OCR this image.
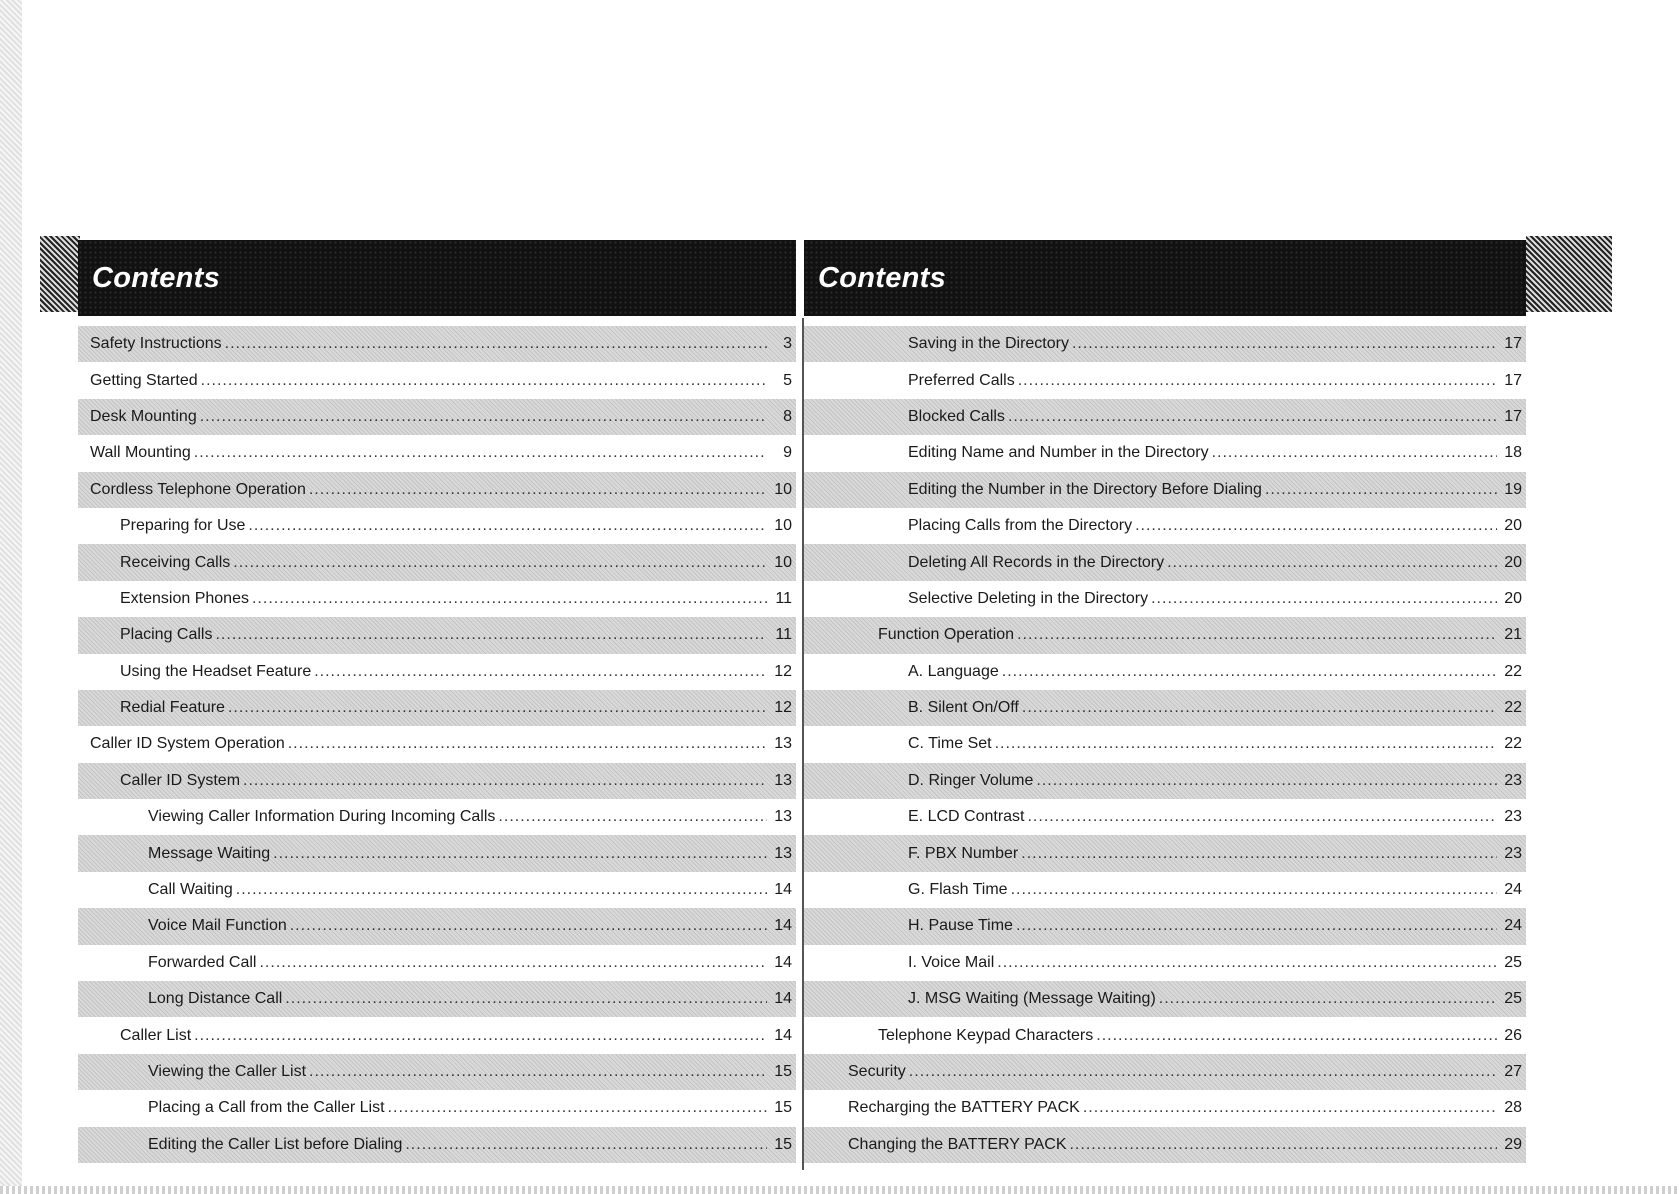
Contents
Safety Instructions .....	3
Getting Started .....	5
Desk Mounting .....	8
Wall Mounting .....	9
Cordless Telephone Operation .....	10
Preparing for Use .....	10
Receiving Calls .....	10
Extension Phones .....	11
Placing Calls .....	11
Using the Headset Feature .....	12
Redial Feature .....	12
Caller ID System Operation .....	13
Caller ID System .....	13
Viewing Caller Information During Incoming Calls .....	13
Message Waiting .....	13
Call Waiting .....	14
Voice Mail Function .....	14
Forwarded Call .....	14
Long Distance Call .....	14
Caller List .....	14
Viewing the Caller List .....	15
Placing a Call from the Caller List .....	15
Editing the Caller List before Dialing .....	15
Contents
Saving in the Directory .....	17
Preferred Calls .....	17
Blocked Calls .....	17
Editing Name and Number in the Directory .....	18
Editing the Number in the Directory Before Dialing .....	19
Placing Calls from the Directory .....	20
Deleting All Records in the Directory .....	20
Selective Deleting in the Directory .....	20
Function Operation .....	21
A. Language .....	22
B. Silent On/Off .....	22
C. Time Set .....	22
D. Ringer Volume .....	23
E. LCD Contrast .....	23
F. PBX Number .....	23
G. Flash Time .....	24
H. Pause Time .....	24
I. Voice Mail .....	25
J. MSG Waiting (Message Waiting) .....	25
Telephone Keypad Characters .....	26
Security .....	27
Recharging the BATTERY PACK .....	28
Changing the BATTERY PACK .....	29
